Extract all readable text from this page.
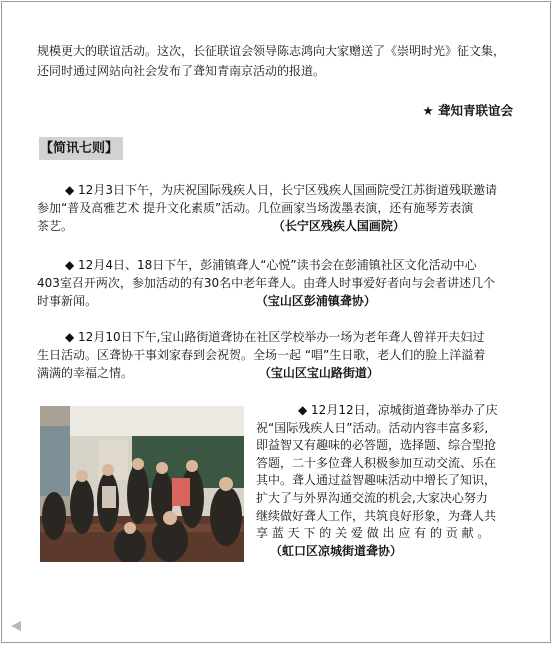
规模更大的联谊活动。这次，长征联谊会领导陈志鸿向大家赠送了《崇明时光》征文集，
还同时通过网站向社会发布了聋知青南京活动的报道。
★ 聋知青联谊会
【简讯七则】
◆ 12月3日下午，为庆祝国际残疾人日，长宁区残疾人国画院受江苏街道残联邀请
参加“普及高雅艺术 提升文化素质”活动。几位画家当场泼墨表演，还有施琴芳表演
茶艺。	（长宁区残疾人国画院）
◆ 12月4日、18日下午，彭浦镇聋人“心悦”读书会在彭浦镇社区文化活动中心
403室召开两次，参加活动的有30名中老年聋人。由聋人时事爱好者向与会者讲述几个
时事新闻。	（宝山区彭浦镇聋协）
◆ 12月10日下午,宝山路街道聋协在社区学校举办一场为老年聋人曾祥开夫妇过
生日活动。区聋协干事刘家春到会祝贺。全场一起 “唱”生日歌，老人们的脸上洋溢着
满满的幸福之情。	（宝山区宝山路街道）
◆ 12月12日，凉城街道聋协举办了庆
祝“国际残疾人日”活动。活动内容丰富多彩,
即益智又有趣味的必答题，选择题、综合型抢
答题，二十多位聋人积极参加互动交流、乐在
其中。聋人通过益智趣味活动中增长了知识，
扩大了与外界沟通交流的机会,大家决心努力
继续做好聋人工作，共筑良好形象，为聋人共
享 蓝 天 下 的 关 爱 做 出 应 有 的 贡 献 。
（虹口区凉城街道聋协）
